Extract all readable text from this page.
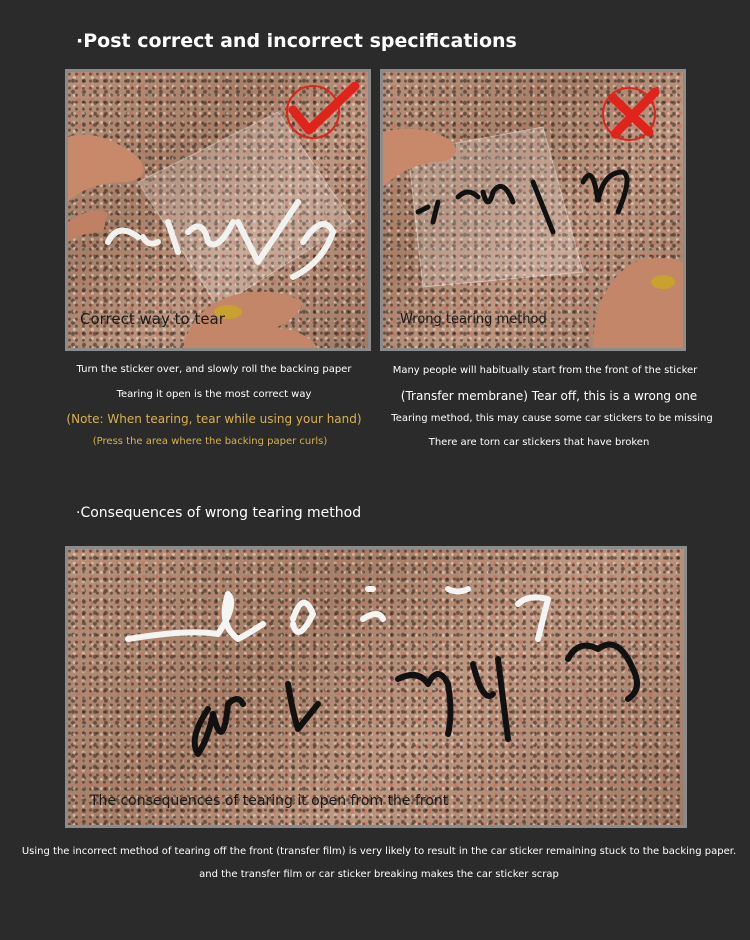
·Post correct and incorrect specifications
Correct way to tear	Wrong tearing method
Turn the sticker over, and slowly roll the backing paper
Tearing it open is the most correct way
(Note: When tearing, tear while using your hand)
(Press the area where the backing paper curls)
Many people will habitually start from the front of the sticker
(Transfer membrane) Tear off, this is a wrong one
Tearing method, this may cause some car stickers to be missing
There are torn car stickers that have broken
·Consequences of wrong tearing method
The consequences of tearing it open from the front
Using the incorrect method of tearing off the front (transfer film) is very likely to result in the car sticker remaining stuck to the backing paper.
and the transfer film or car sticker breaking makes the car sticker scrap
